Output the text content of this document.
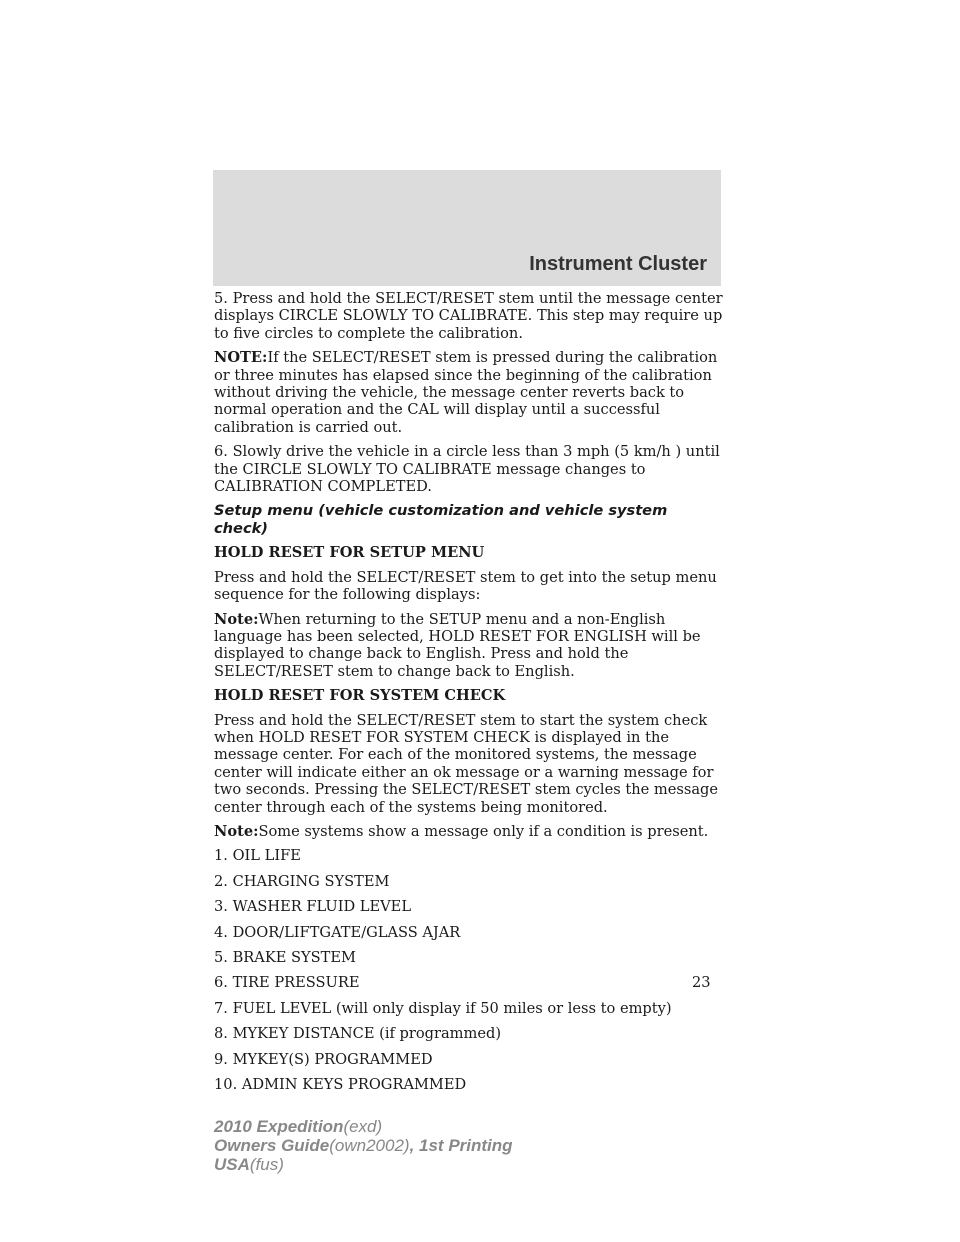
Instrument Cluster

5. Press and hold the SELECT/RESET stem until the message center displays CIRCLE SLOWLY TO CALIBRATE. This step may require up to five circles to complete the calibration.

NOTE:If the SELECT/RESET stem is pressed during the calibration or three minutes has elapsed since the beginning of the calibration without driving the vehicle, the message center reverts back to normal operation and the CAL will display until a successful calibration is carried out.

6. Slowly drive the vehicle in a circle less than 3 mph (5 km/h ) until the CIRCLE SLOWLY TO CALIBRATE message changes to CALIBRATION COMPLETED.

Setup menu (vehicle customization and vehicle system check)
HOLD RESET FOR SETUP MENU

Press and hold the SELECT/RESET stem to get into the setup menu sequence for the following displays:

Note:When returning to the SETUP menu and a non-English language has been selected, HOLD RESET FOR ENGLISH will be displayed to change back to English. Press and hold the SELECT/RESET stem to change back to English.

HOLD RESET FOR SYSTEM CHECK

Press and hold the SELECT/RESET stem to start the system check when HOLD RESET FOR SYSTEM CHECK is displayed in the message center. For each of the monitored systems, the message center will indicate either an ok message or a warning message for two seconds. Pressing the SELECT/RESET stem cycles the message center through each of the systems being monitored.

Note:Some systems show a message only if a condition is present.

1. OIL LIFE
2. CHARGING SYSTEM
3. WASHER FLUID LEVEL
4. DOOR/LIFTGATE/GLASS AJAR
5. BRAKE SYSTEM
6. TIRE PRESSURE
7. FUEL LEVEL (will only display if 50 miles or less to empty)
8. MYKEY DISTANCE (if programmed)
9. MYKEY(S) PROGRAMMED
10. ADMIN KEYS PROGRAMMED
23
2010 Expedition(exd)
Owners Guide(own2002), 1st Printing
USA(fus)
